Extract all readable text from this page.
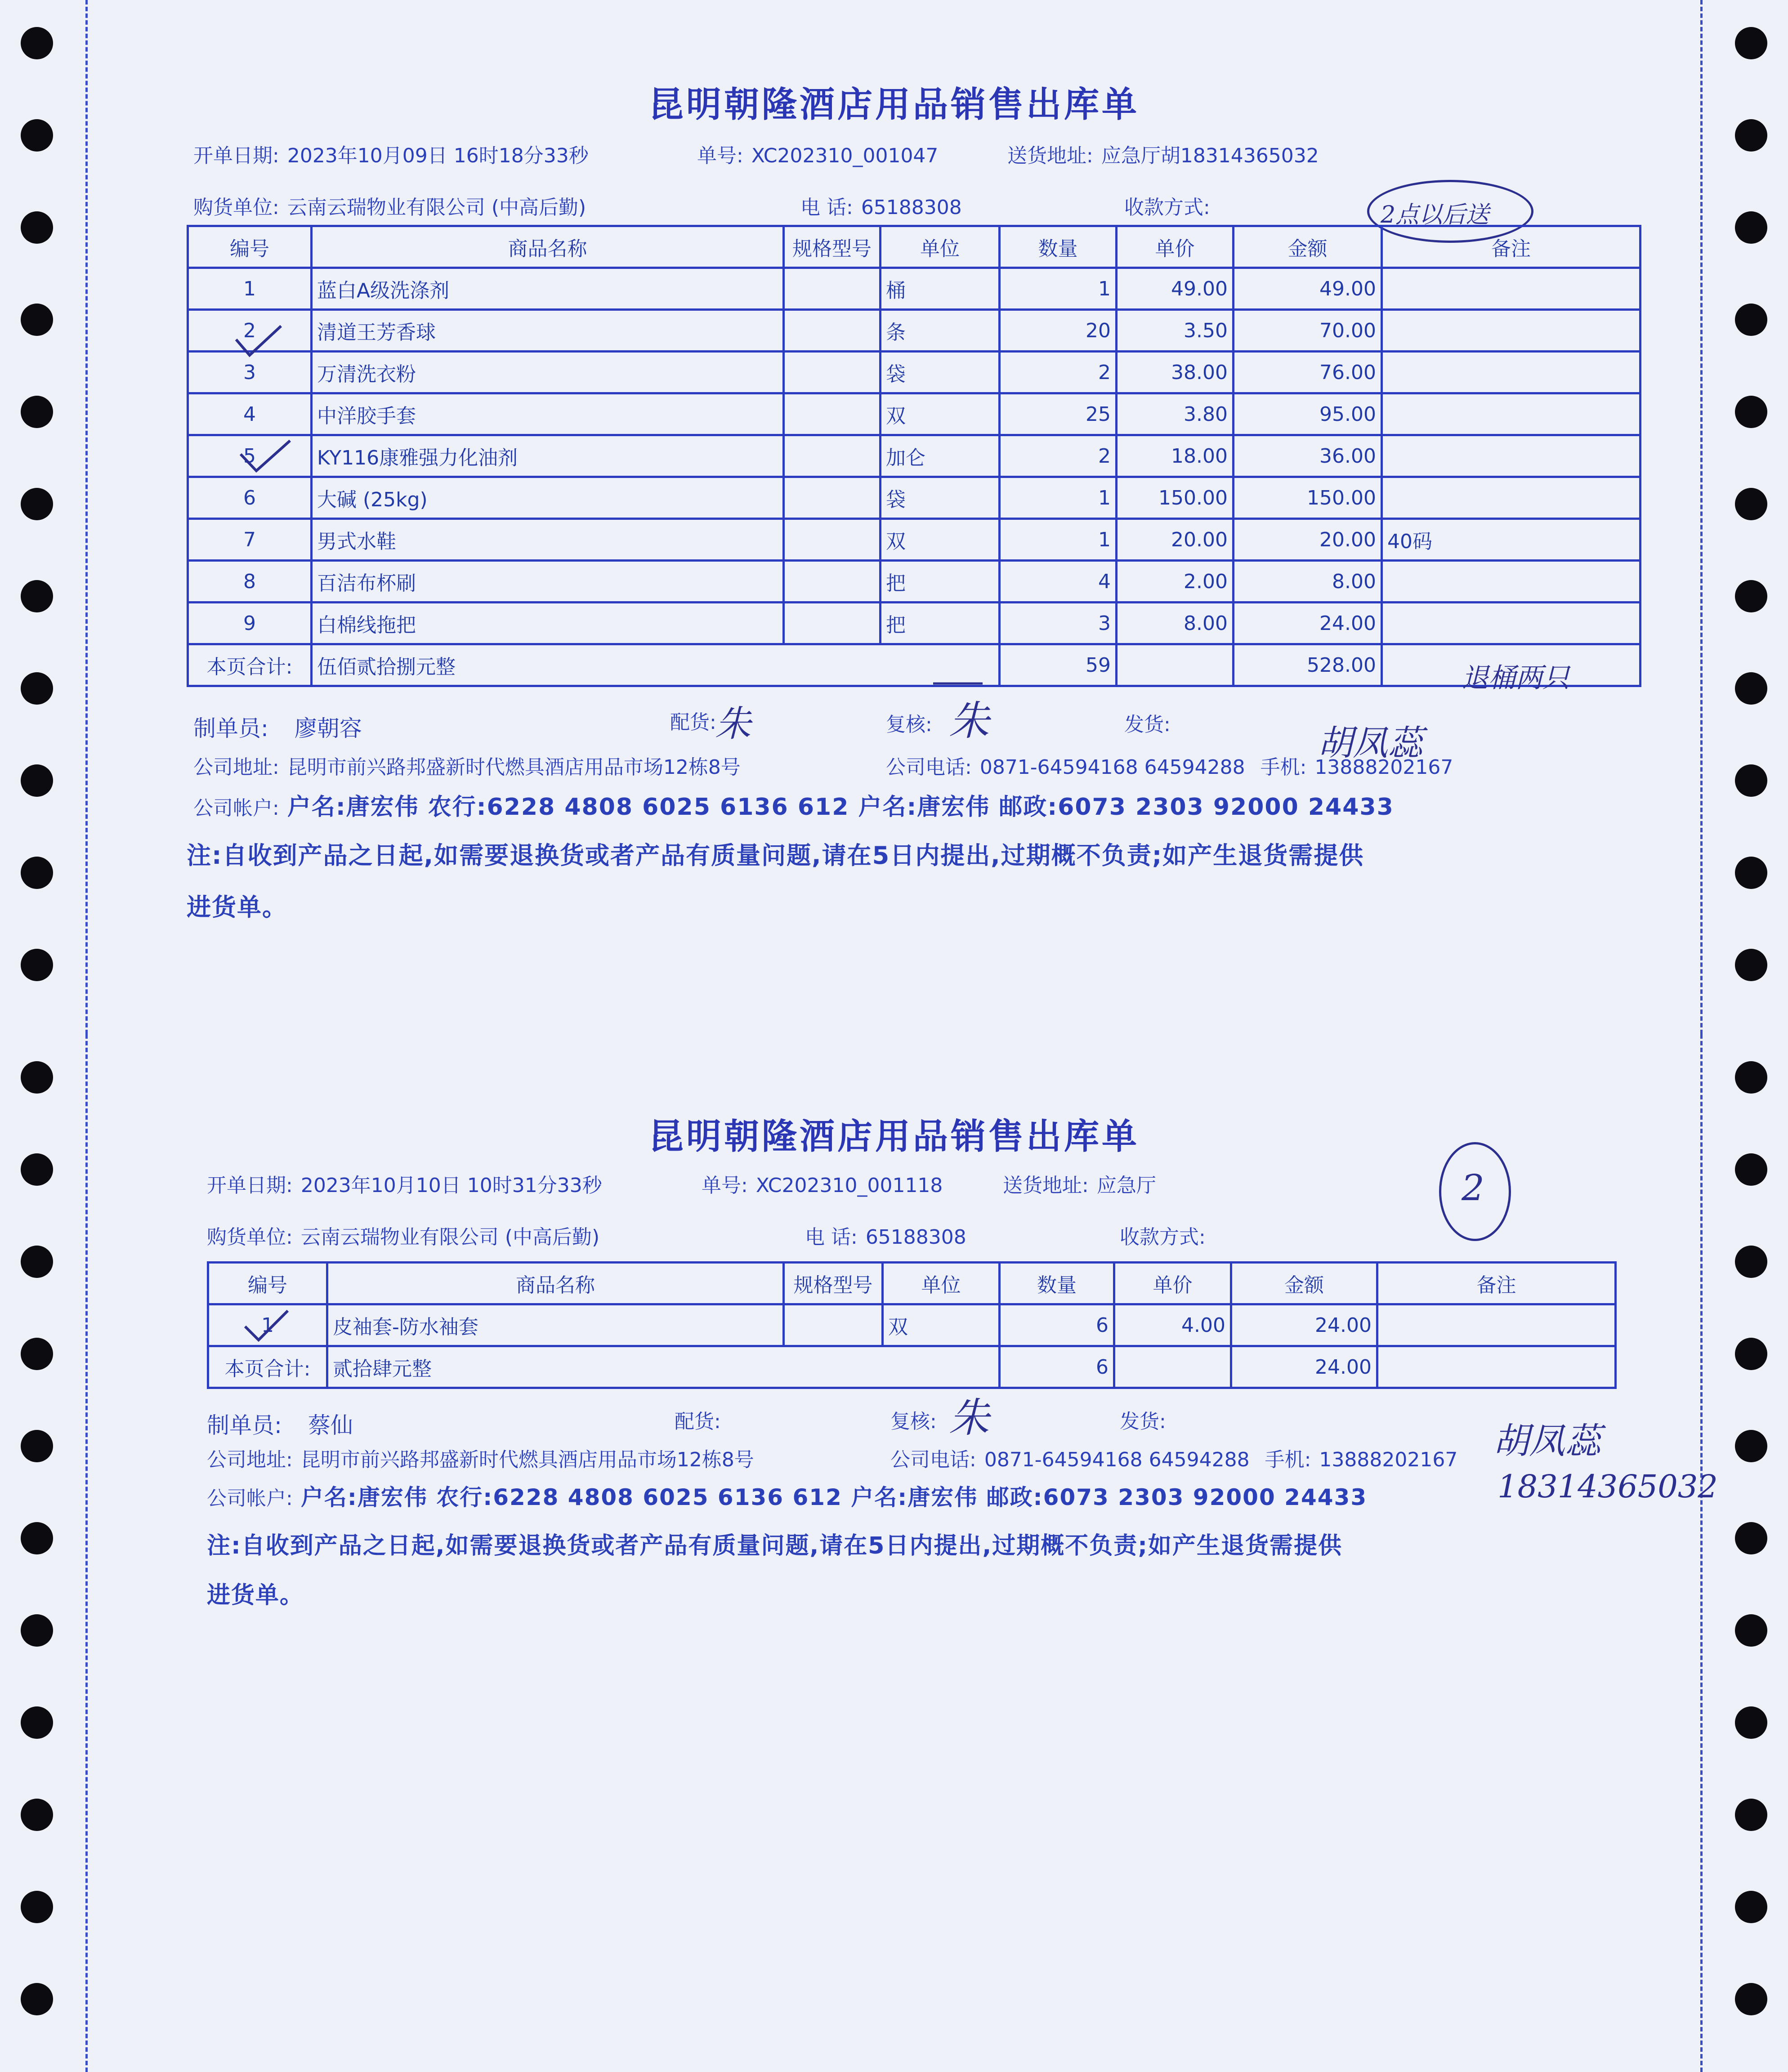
昆明朝隆酒店用品销售出库单
开单日期: 2023年10月09日 16时18分33秒	单号: XC202310_001047	送货地址: 应急厅胡18314365032
购货单位: 云南云瑞物业有限公司 (中高后勤)	电 话: 65188308	收款方式:	2点以后送
编号	商品名称	规格型号	单位	数量	单价	金额	备注
1	蓝白A级洗涤剂		桶	1	49.00	49.00	
2	清道王芳香球		条	20	3.50	70.00	
3	万清洗衣粉		袋	2	38.00	76.00	
4	中洋胶手套		双	25	3.80	95.00	
5	KY116康雅强力化油剂		加仑	2	18.00	36.00	
6	大碱 (25kg)		袋	1	150.00	150.00	
7	男式水鞋		双	1	20.00	20.00	40码
8	百洁布杯刷		把	4	2.00	8.00	
9	白棉线拖把		把	3	8.00	24.00	
本页合计:	伍佰贰拾捌元整			59		528.00		退桶两只
制单员: 廖朝容	配货:
朱	复核: 朱	发货:	胡凤蕊
公司地址: 昆明市前兴路邦盛新时代燃具酒店用品市场12栋8号	公司电话: 0871-64594168 64594288 手机: 13888202167
公司帐户: 户名:唐宏伟 农行:6228 4808 6025 6136 612 户名:唐宏伟 邮政:6073 2303 92000 24433
注:自收到产品之日起,如需要退换货或者产品有质量问题,请在5日内提出,过期概不负责;如产生退货需提供
进货单。
昆明朝隆酒店用品销售出库单
开单日期: 2023年10月10日 10时31分33秒	单号: XC202310_001118	送货地址: 应急厅
购货单位: 云南云瑞物业有限公司 (中高后勤)	电 话: 65188308	收款方式:
2
编号	商品名称	规格型号	单位	数量	单价	金额	备注
1	皮袖套-防水袖套		双	6	4.00	24.00	
本页合计:	贰拾肆元整			6		24.00	
制单员: 蔡仙	配货:	复核: 朱	发货:	胡凤蕊
公司地址: 昆明市前兴路邦盛新时代燃具酒店用品市场12栋8号	公司电话: 0871-64594168 64594288 手机: 13888202167
18314365032
公司帐户: 户名:唐宏伟 农行:6228 4808 6025 6136 612 户名:唐宏伟 邮政:6073 2303 92000 24433
注:自收到产品之日起,如需要退换货或者产品有质量问题,请在5日内提出,过期概不负责;如产生退货需提供
进货单。
